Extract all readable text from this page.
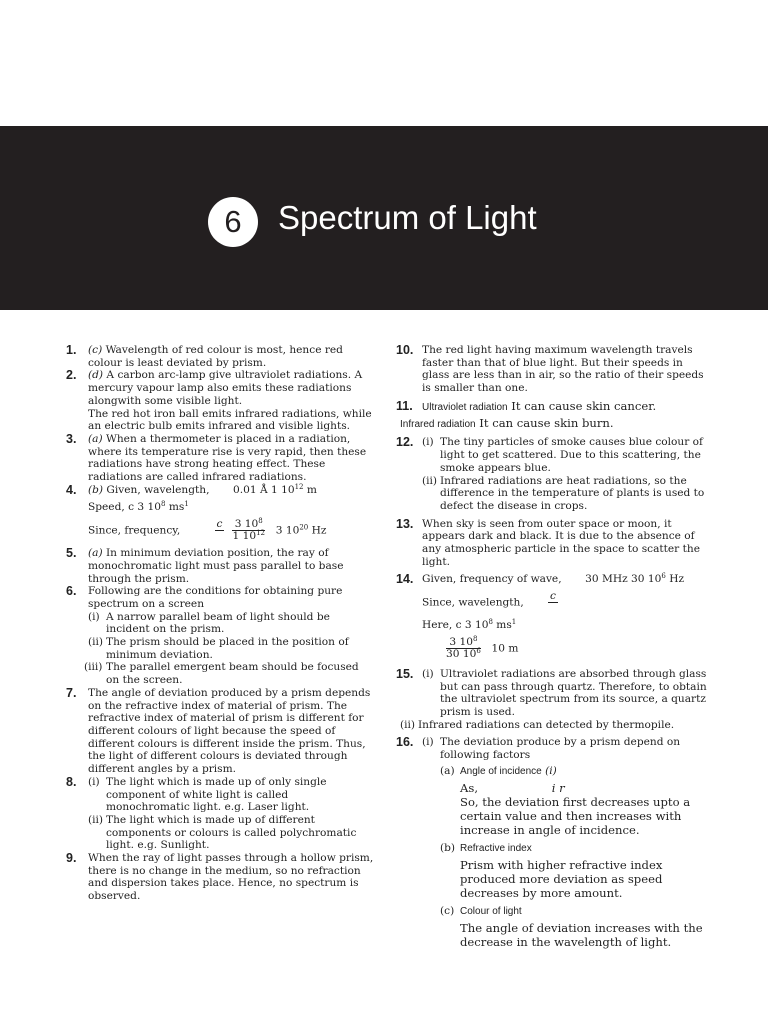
6	Spectrum of Light
1. (c) Wavelength of red colour is most, hence red colour is least deviated by prism.

2. (d) A carbon arc-lamp give ultraviolet radiations. A mercury vapour lamp also emits these radiations alongwith some visible light.

The red hot iron ball emits infrared radiations, while an electric bulb emits infrared and visible lights.

3. (a) When a thermometer is placed in a radiation, where its temperature rise is very rapid, then these radiations have strong heating effect. These radiations are called infrared radiations.

4. (b) Given, wavelength, 0.01 Å 1 $10^{12}$ m

Speed, c 3 $10^8$ $ms^1$

Since, frequency,
c
$\frac{3 10^8}{1 10^{12}} 3$ $10^{20}$ Hz

5. (a) In minimum deviation position, the ray of monochromatic light must pass parallel to base through the prism.

6. Following are the conditions for obtaining pure spectrum on a screen

(i) A narrow parallel beam of light should be incident on the prism.
(ii) The prism should be placed in the position of minimum deviation.
(iii) The parallel emergent beam should be focused on the screen.
7. The angle of deviation produced by a prism depends on the refractive index of material of prism. The refractive index of material of prism is different for different colours of light because the speed of different colours is different inside the prism. Thus, the light of different colours is deviated through different angles by a prism.

8. (i) The light which is made up of only single component of white light is called monochromatic light. e.g. Laser light.
(ii) The light which is made up of different components or colours is called polychromatic light. e.g. Sunlight.
9. When the ray of light passes through a hollow prism, there is no change in the medium, so no refraction and dispersion takes place. Hence, no spectrum is observed.

10. The red light having maximum wavelength travels faster than that of blue light. But their speeds in glass are less than in air, so the ratio of their speeds is smaller than one.

11. Ultraviolet radiation It can cause skin cancer.

Infrared radiation It can cause skin burn.

12. (i) The tiny particles of smoke causes blue colour of light to get scattered. Due to this scattering, the smoke appears blue.
(ii) Infrared radiations are heat radiations, so the difference in the temperature of plants is used to defect the disease in crops.
13. When sky is seen from outer space or moon, it appears dark and black. It is due to the absence of any atmospheric particle in the space to scatter the light.

14. Given, frequency of wave, 30 MHz 30 $10^6$ Hz

Since, wavelength,
c

Here, c 3 $10^8$ $ms^1$

$\frac{3 10^8}{30 10^6} 10$ m

15. (i) Ultraviolet radiations are absorbed through glass but can pass through quartz. Therefore, to obtain the ultraviolet spectrum from its source, a quartz prism is used.
(ii) Infrared radiations can detected by thermopile.
16. (i) The deviation produce by a prism depend on following factors
(a) Angle of incidence (i)
As,	i r

So, the deviation first decreases upto a certain value and then increases with increase in angle of incidence.

(b) Refractive index

Prism with higher refractive index produced more deviation as speed decreases by more amount.

(c) Colour of light

The angle of deviation increases with the decrease in the wavelength of light.
